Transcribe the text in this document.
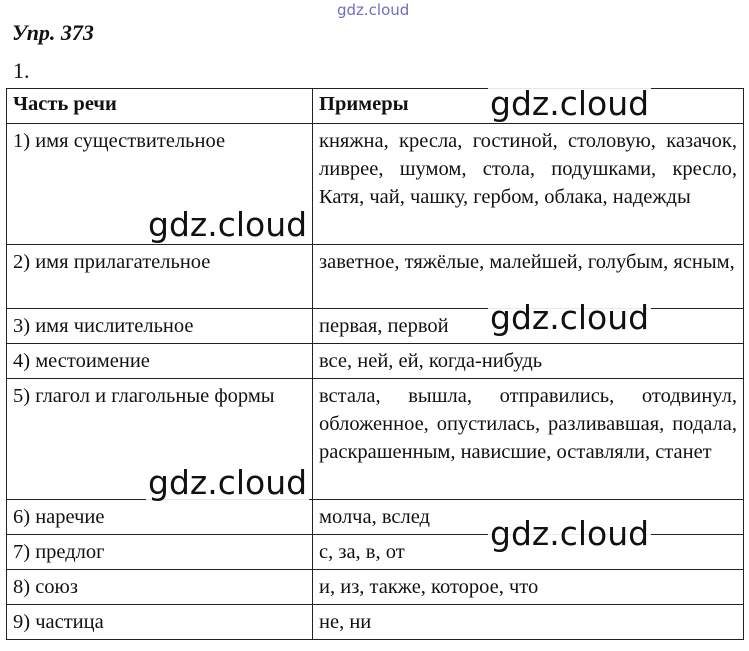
gdz.cloud
Упр. 373
1.
Часть речи	Примеры
1) имя существительное	княжна, кресла, гостиной, столовую, казачок, ливрее, шумом, стола, подушками, кресло, Катя, чай, чашку, гербом, облака, надежды
2) имя прилагательное	заветное, тяжёлые, малейшей, голубым, ясным,
3) имя числительное	первая, первой
4) местоимение	все, ней, ей, когда-нибудь
5) глагол и глагольные формы	встала, вышла, отправились, отодвинул, обложенное, опустилась, разливавшая, подала, раскрашенным, нависшие, оставляли, станет
6) наречие	молча, вслед
7) предлог	с, за, в, от
8) союз	и, из, также, которое, что
9) частица	не, ни
gdz.cloud
gdz.cloud
gdz.cloud
gdz.cloud
gdz.cloud
